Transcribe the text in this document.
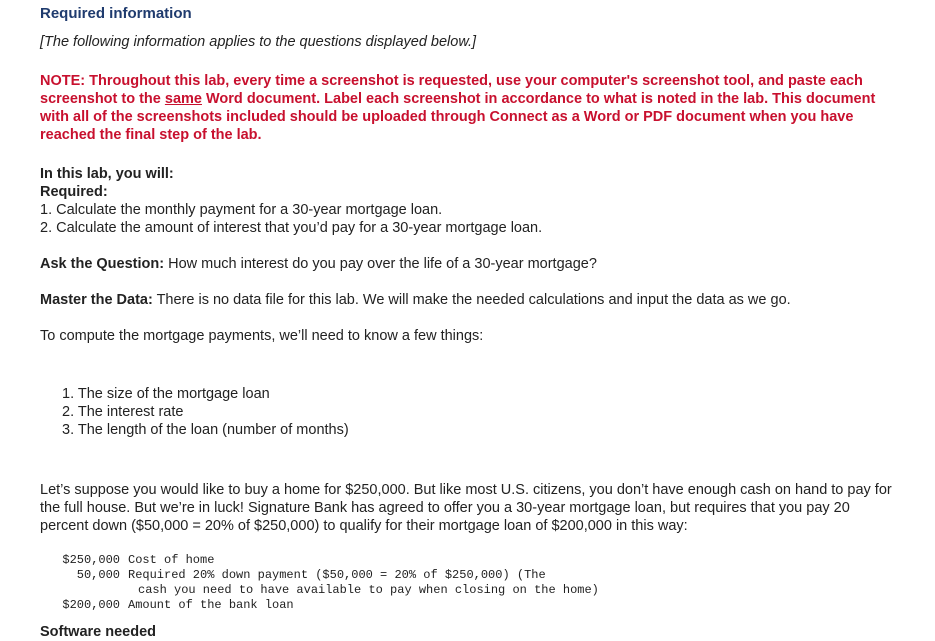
Required information

[The following information applies to the questions displayed below.]

NOTE: Throughout this lab, every time a screenshot is requested, use your computer's screenshot tool, and paste each screenshot to the same Word document. Label each screenshot in accordance to what is noted in the lab. This document with all of the screenshots included should be uploaded through Connect as a Word or PDF document when you have reached the final step of the lab.

In this lab, you will:

Required:

1. Calculate the monthly payment for a 30-year mortgage loan.

2. Calculate the amount of interest that you’d pay for a 30-year mortgage loan.

Ask the Question: How much interest do you pay over the life of a 30-year mortgage?

Master the Data: There is no data file for this lab. We will make the needed calculations and input the data as we go.

To compute the mortgage payments, we’ll need to know a few things:

1. The size of the mortgage loan
2. The interest rate
3. The length of the loan (number of months)

Let’s suppose you would like to buy a home for $250,000. But like most U.S. citizens, you don’t have enough cash on hand to pay for the full house. But we’re in luck! Signature Bank has agreed to offer you a 30-year mortgage loan, but requires that you pay 20 percent down ($50,000 = 20% of $250,000) to qualify for their mortgage loan of $200,000 in this way:

$250,000 Cost of home
50,000 Required 20% down payment ($50,000 = 20% of $250,000) (The
cash you need to have available to pay when closing on the home)
$200,000 Amount of the bank loan

Software needed
